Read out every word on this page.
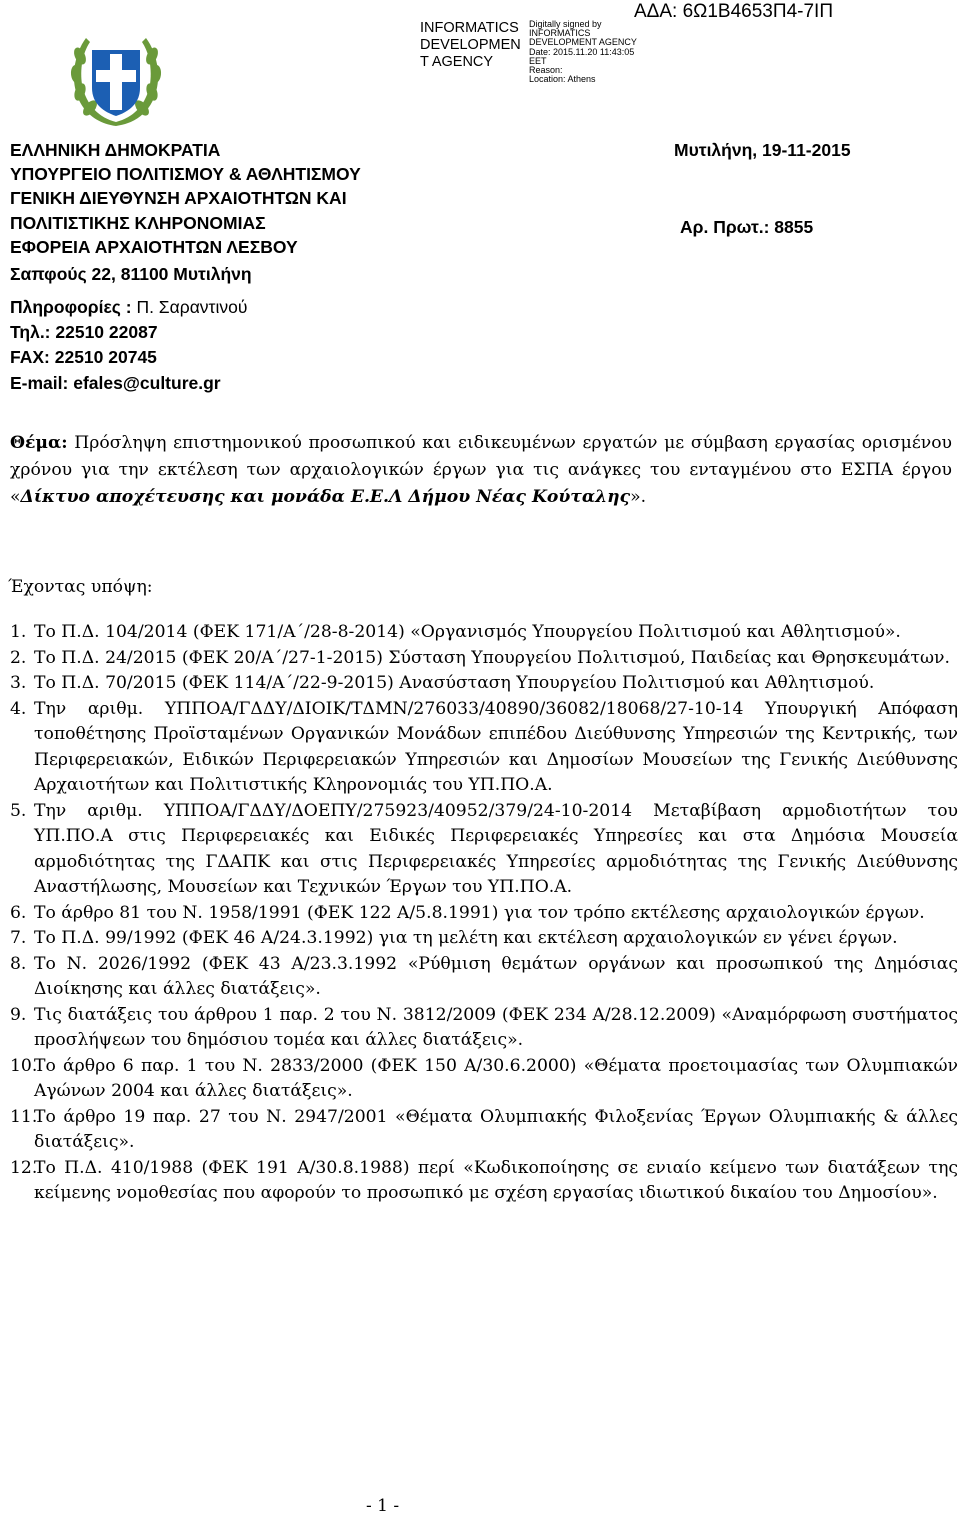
INFORMATICS
DEVELOPMEN
T AGENCY
Digitally signed by
INFORMATICS
DEVELOPMENT AGENCY
Date: 2015.11.20 11:43:05
EET
Reason:
Location: Athens
ΑΔΑ: 6Ω1Β4653Π4-7ΙΠ
ΕΛΛΗΝΙΚΗ ΔΗΜΟΚΡΑΤΙΑ
ΥΠΟΥΡΓΕΙΟ ΠΟΛΙΤΙΣΜΟΥ & ΑΘΛΗΤΙΣΜΟΥ
ΓΕΝΙΚΗ ΔΙΕΥΘΥΝΣΗ ΑΡΧΑΙΟΤΗΤΩΝ ΚΑΙ
ΠΟΛΙΤΙΣΤΙΚΗΣ ΚΛΗΡΟΝΟΜΙΑΣ
ΕΦΟΡΕΙΑ ΑΡΧΑΙΟΤΗΤΩΝ ΛΕΣΒΟΥ
Σαπφούς 22, 81100 Μυτιλήνη
Πληροφορίες : Π. Σαραντινού
Τηλ.: 22510 22087
FAX: 22510 20745
E-mail: efales@culture.gr
Μυτιλήνη, 19-11-2015
Αρ. Πρωτ.: 8855
Θέμα: Πρόσληψη επιστημονικού προσωπικού και ειδικευμένων εργατών με σύμβαση εργασίας ορισμένου χρόνου για την εκτέλεση των αρχαιολογικών έργων για τις ανάγκες του ενταγμένου στο ΕΣΠΑ έργου «Δίκτυο αποχέτευσης και μονάδα Ε.Ε.Λ Δήμου Νέας Κούταλης».
Έχοντας υπόψη:

1. Το Π.Δ. 104/2014 (ΦΕΚ 171/Α΄/28-8-2014) «Οργανισμός Υπουργείου Πολιτισμού και Αθλητισμού».

2. Το Π.Δ. 24/2015 (ΦΕΚ 20/Α΄/27-1-2015) Σύσταση Υπουργείου Πολιτισμού, Παιδείας και Θρησκευμάτων.

3. Το Π.Δ. 70/2015 (ΦΕΚ 114/Α΄/22-9-2015) Ανασύσταση Υπουργείου Πολιτισμού και Αθλητισμού.

4. Την αριθμ. ΥΠΠΟΑ/ΓΔΔΥ/ΔΙΟΙΚ/ΤΔΜΝ/276033/40890/36082/18068/27-10-14 Υπουργική Απόφαση τοποθέτησης Προϊσταμένων Οργανικών Μονάδων επιπέδου Διεύθυνσης Υπηρεσιών της Κεντρικής, των Περιφερειακών, Ειδικών Περιφερειακών Υπηρεσιών και Δημοσίων Μουσείων της Γενικής Διεύθυνσης Αρχαιοτήτων και Πολιτιστικής Κληρονομιάς του ΥΠ.ΠΟ.Α.

5. Την αριθμ. ΥΠΠΟΑ/ΓΔΔΥ/ΔΟΕΠΥ/275923/40952/379/24-10-2014 Μεταβίβαση αρμοδιοτήτων του ΥΠ.ΠΟ.Α στις Περιφερειακές και Ειδικές Περιφερειακές Υπηρεσίες και στα Δημόσια Μουσεία αρμοδιότητας της ΓΔΑΠΚ και στις Περιφερειακές Υπηρεσίες αρμοδιότητας της Γενικής Διεύθυνσης Αναστήλωσης, Μουσείων και Τεχνικών Έργων του ΥΠ.ΠΟ.Α.

6. Το άρθρο 81 του Ν. 1958/1991 (ΦΕΚ 122 Α/5.8.1991) για τον τρόπο εκτέλεσης αρχαιολογικών έργων.

7. Το Π.Δ. 99/1992 (ΦΕΚ 46 Α/24.3.1992) για τη μελέτη και εκτέλεση αρχαιολογικών εν γένει έργων.

8. Το Ν. 2026/1992 (ΦΕΚ 43 Α/23.3.1992 «Ρύθμιση θεμάτων οργάνων και προσωπικού της Δημόσιας Διοίκησης και άλλες διατάξεις».

9. Τις διατάξεις του άρθρου 1 παρ. 2 του Ν. 3812/2009 (ΦΕΚ 234 Α/28.12.2009) «Αναμόρφωση συστήματος προσλήψεων του δημόσιου τομέα και άλλες διατάξεις».

10.
Το άρθρο 6 παρ. 1 του Ν. 2833/2000 (ΦΕΚ 150 Α/30.6.2000) «Θέματα προετοιμασίας των Ολυμπιακών Αγώνων 2004 και άλλες διατάξεις».

11.
Το άρθρο 19 παρ. 27 του Ν. 2947/2001 «Θέματα Ολυμπιακής Φιλοξενίας Έργων Ολυμπιακής & άλλες διατάξεις».

12.
Το Π.Δ. 410/1988 (ΦΕΚ 191 Α/30.8.1988) περί «Κωδικοποίησης σε ενιαίο κείμενο των διατάξεων της κείμενης νομοθεσίας που αφορούν το προσωπικό με σχέση εργασίας ιδιωτικού δικαίου του Δημοσίου».

- 1 -
